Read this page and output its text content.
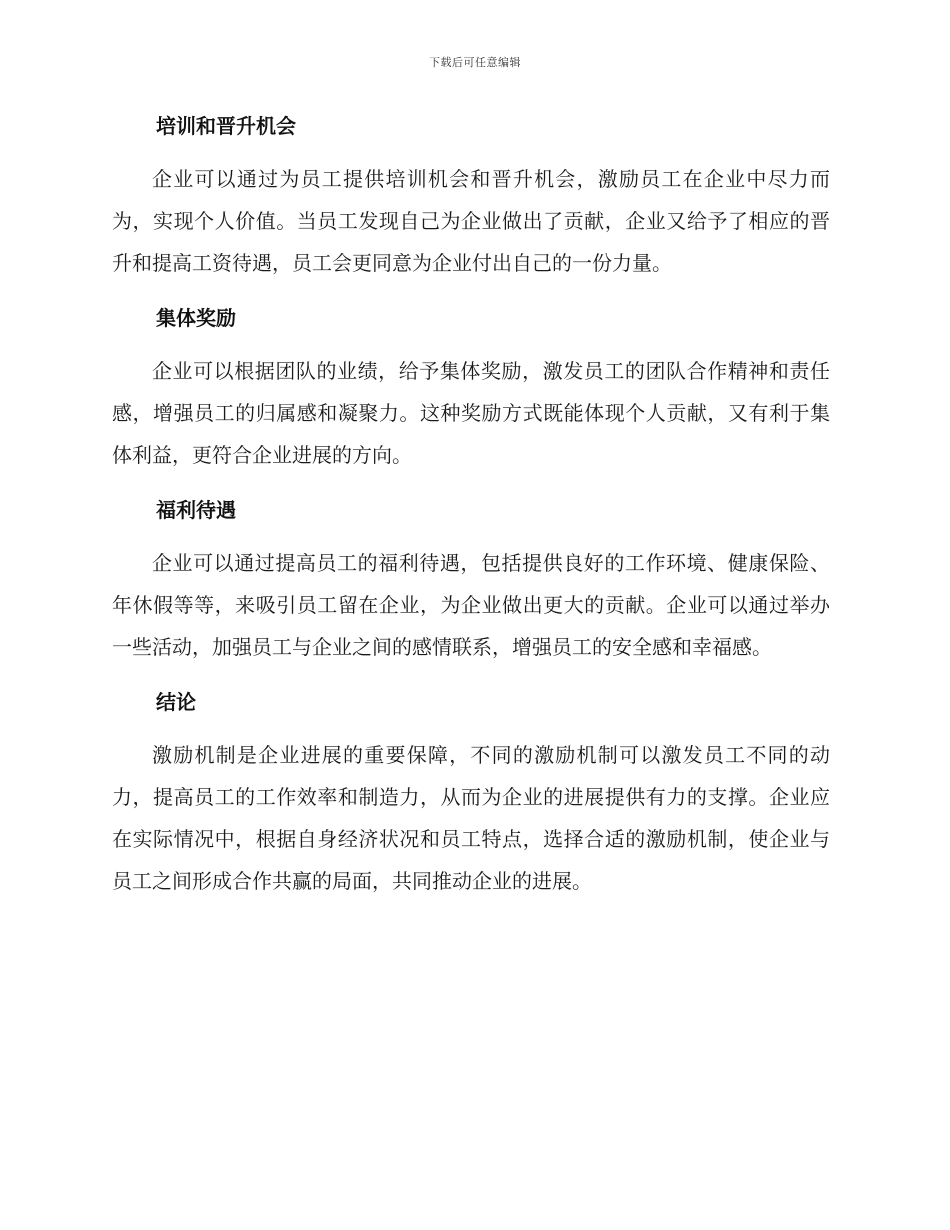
下载后可任意编辑
培训和晋升机会

企业可以通过为员工提供培训机会和晋升机会，激励员工在企业中尽力而为，实现个人价值。当员工发现自己为企业做出了贡献，企业又给予了相应的晋升和提高工资待遇，员工会更同意为企业付出自己的一份力量。

集体奖励

企业可以根据团队的业绩，给予集体奖励，激发员工的团队合作精神和责任感，增强员工的归属感和凝聚力。这种奖励方式既能体现个人贡献，又有利于集体利益，更符合企业进展的方向。

福利待遇

企业可以通过提高员工的福利待遇，包括提供良好的工作环境、健康保险、年休假等等，来吸引员工留在企业，为企业做出更大的贡献。企业可以通过举办一些活动，加强员工与企业之间的感情联系，增强员工的安全感和幸福感。

结论

激励机制是企业进展的重要保障，不同的激励机制可以激发员工不同的动力，提高员工的工作效率和制造力，从而为企业的进展提供有力的支撑。企业应在实际情况中，根据自身经济状况和员工特点，选择合适的激励机制，使企业与员工之间形成合作共赢的局面，共同推动企业的进展。
